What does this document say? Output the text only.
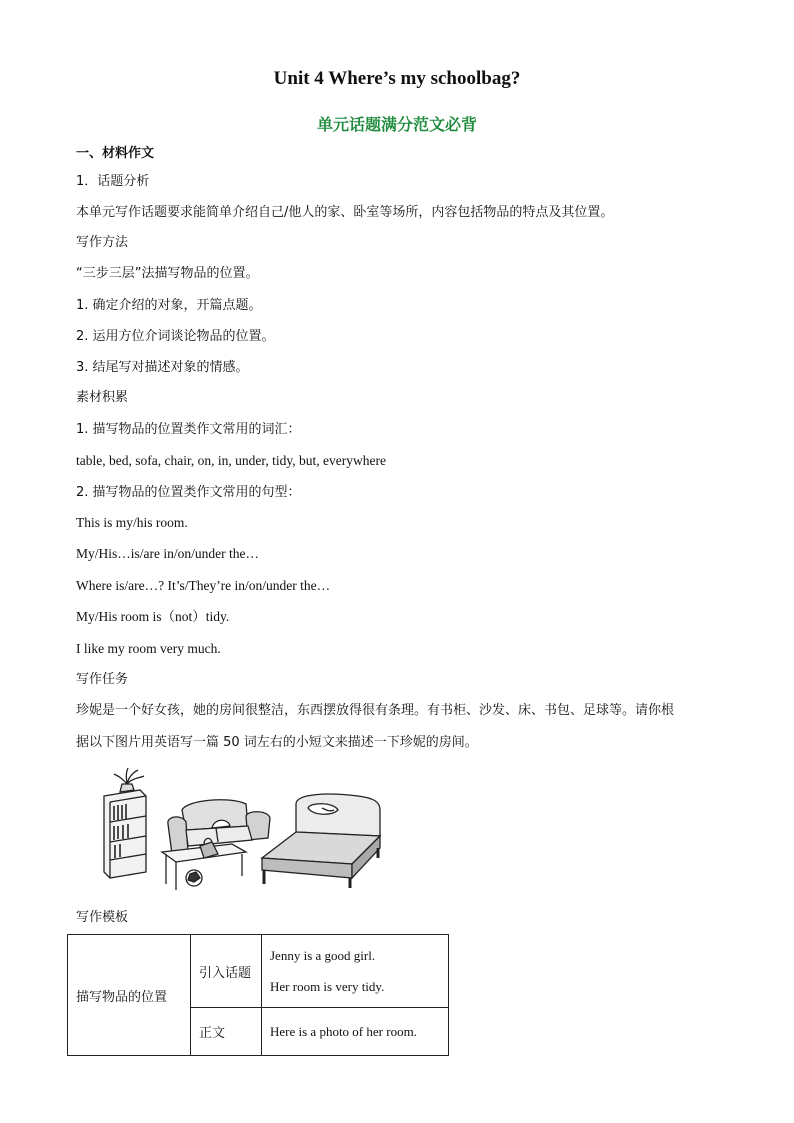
Unit 4 Where’s my schoolbag?
单元话题满分范文必背
一、材料作文
1．话题分析
本单元写作话题要求能简单介绍自己/他人的家、卧室等场所，内容包括物品的特点及其位置。
写作方法
“三步三层”法描写物品的位置。
1. 确定介绍的对象，开篇点题。
2. 运用方位介词谈论物品的位置。
3. 结尾写对描述对象的情感。
素材积累
1. 描写物品的位置类作文常用的词汇：
table, bed, sofa, chair, on, in, under, tidy, but, everywhere
2. 描写物品的位置类作文常用的句型：
This is my/his room.
My/His…is/are in/on/under the…
Where is/are…? It’s/They’re in/on/under the…
My/His room is（not）tidy.
I like my room very much.
写作任务
珍妮是一个好女孩，她的房间很整洁，东西摆放得很有条理。有书柜、沙发、床、书包、足球等。请你根
据以下图片用英语写一篇 50 词左右的小短文来描述一下珍妮的房间。
写作模板
描写物品的位置	引入话题	Jenny is a good girl.
Her room is very tidy.

	正文	Here is a photo of her room.
